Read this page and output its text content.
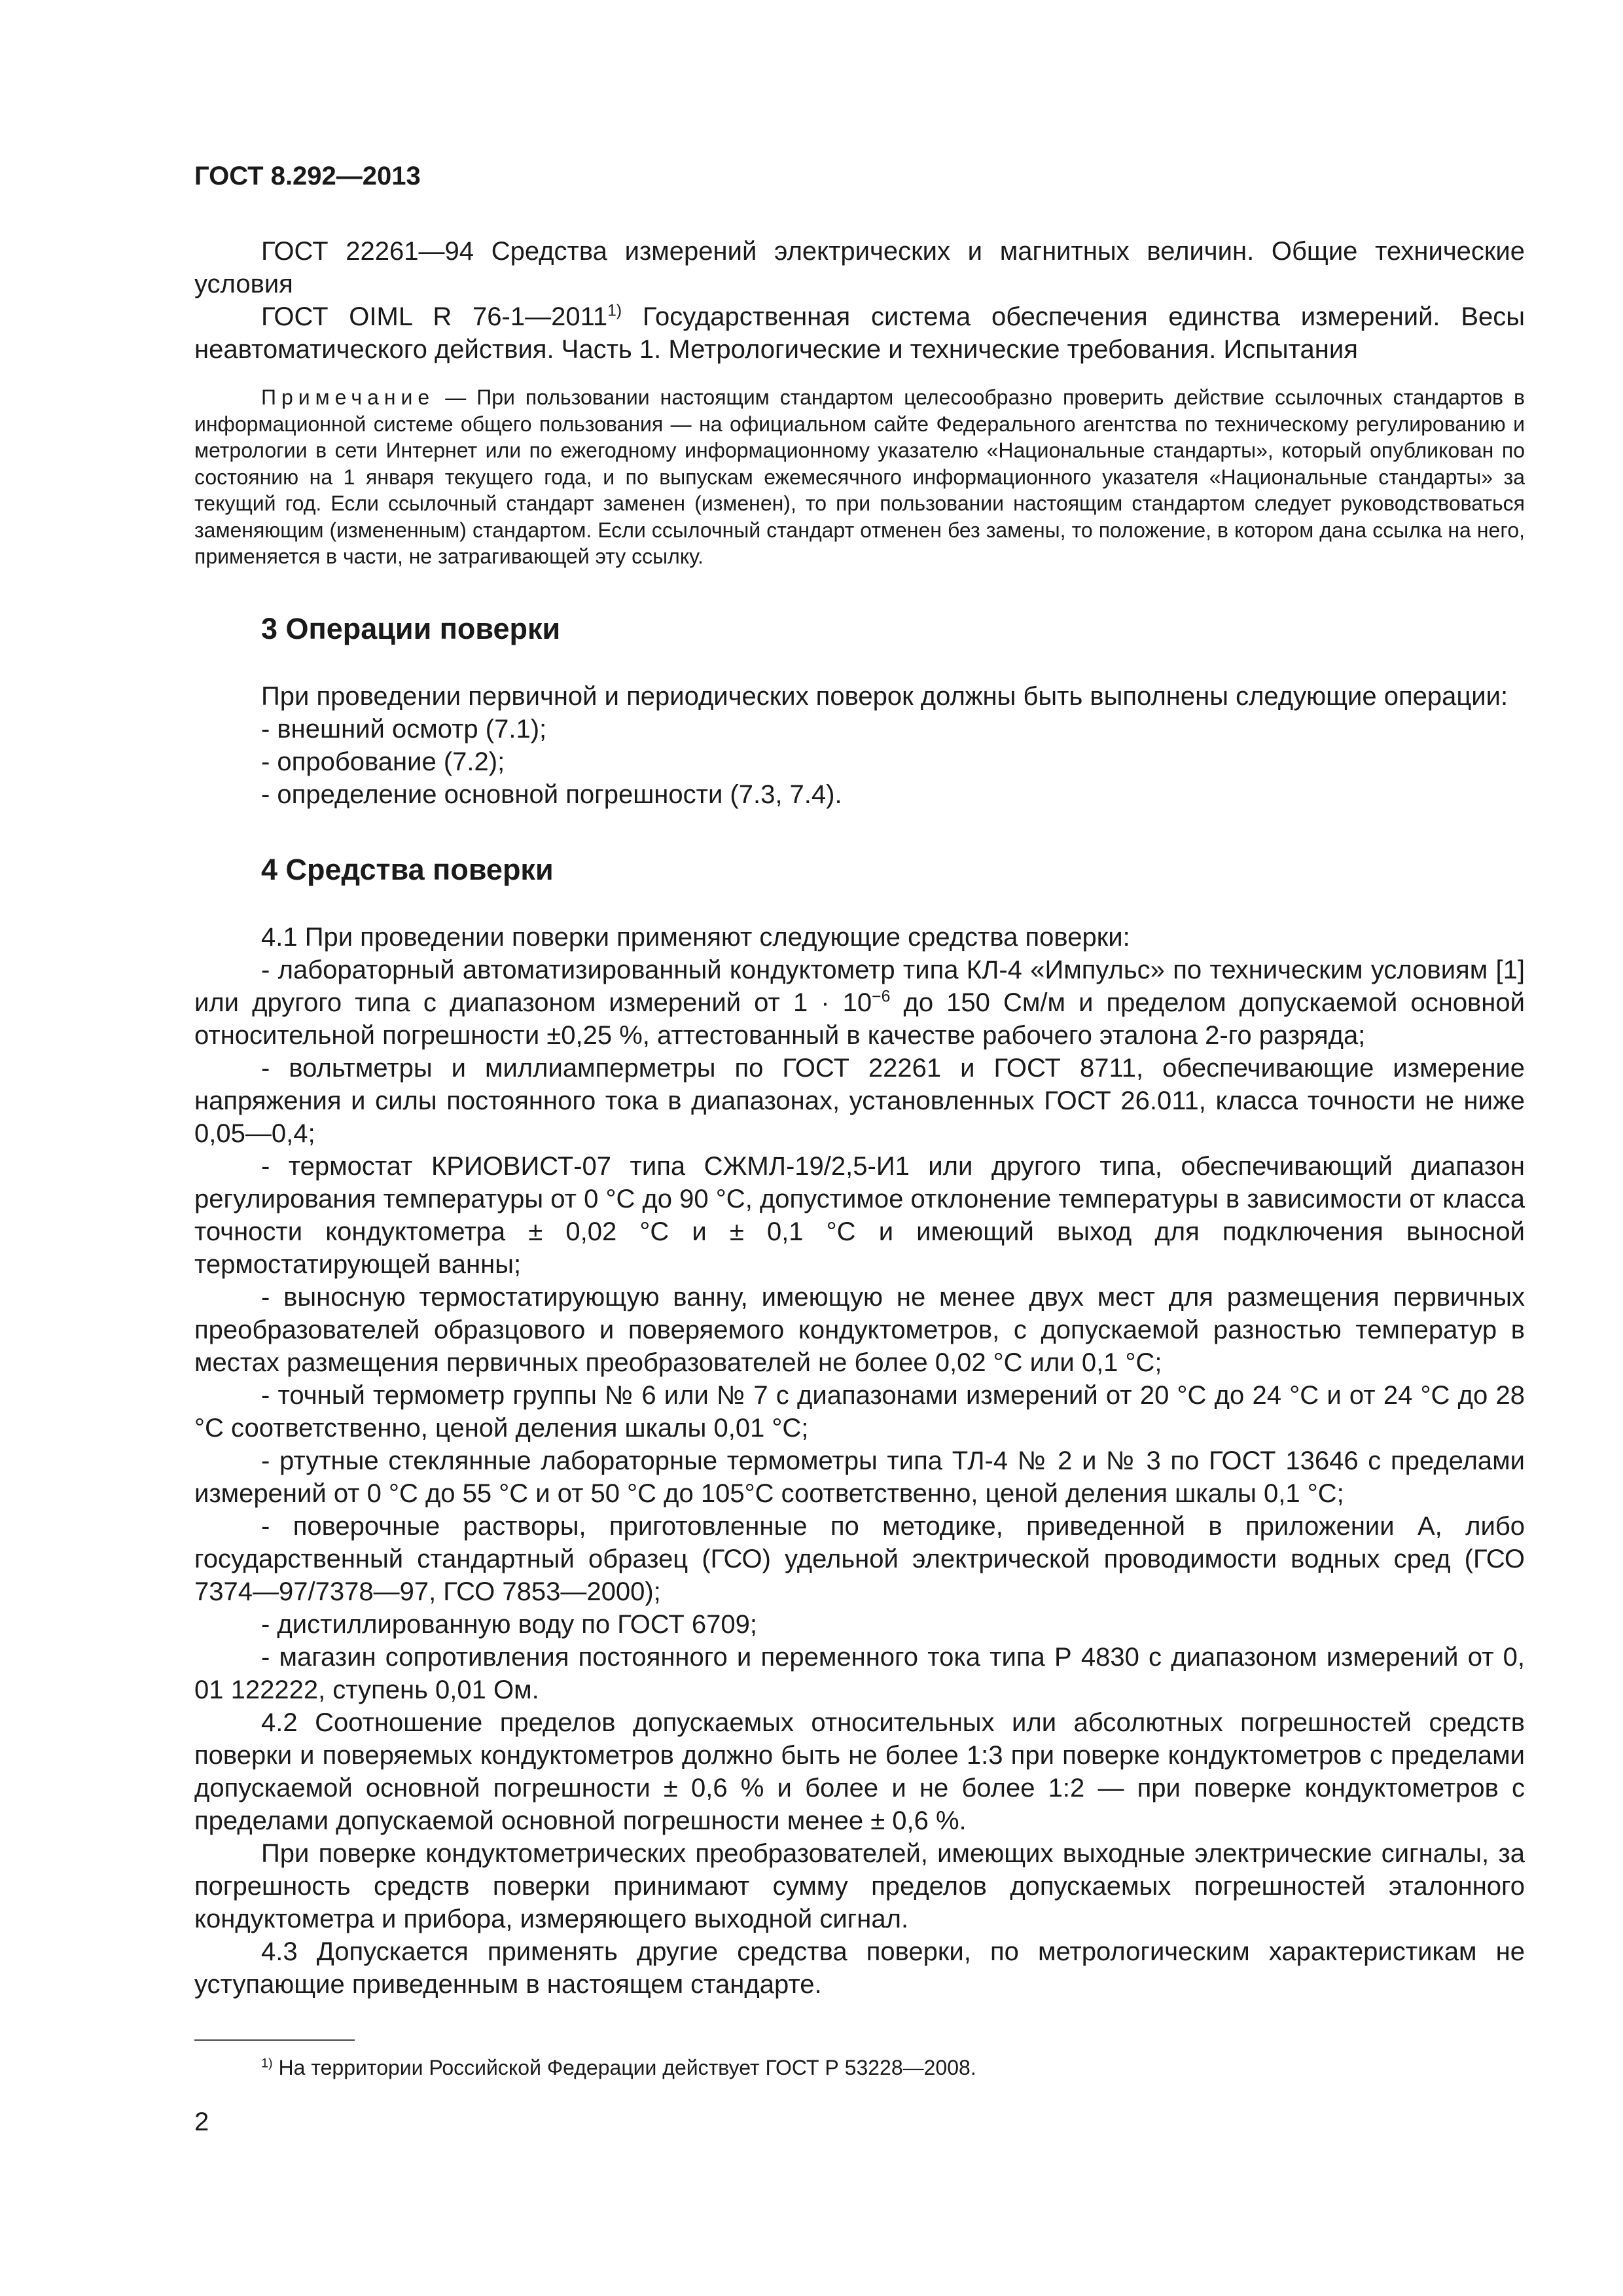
ГОСТ 8.292—2013

ГОСТ 22261—94 Средства измерений электрических и магнитных величин. Общие технические условия

ГОСТ OIML R 76-1—2011$^{1)}$ Государственная система обеспечения единства измерений. Весы неавтоматического действия. Часть 1. Метрологические и технические требования. Испытания

Примечание — При пользовании настоящим стандартом целесообразно проверить действие ссылочных стандартов в информационной системе общего пользования — на официальном сайте Федерального агентства по техническому регулированию и метрологии в сети Интернет или по ежегодному информационному указателю «Национальные стандарты», который опубликован по состоянию на 1 января текущего года, и по выпускам ежемесячного информационного указателя «Национальные стандарты» за текущий год. Если ссылочный стандарт заменен (изменен), то при пользовании настоящим стандартом следует руководствоваться заменяющим (измененным) стандартом. Если ссылочный стандарт отменен без замены, то положение, в котором дана ссылка на него, применяется в части, не затрагивающей эту ссылку.

3 Операции поверки

При проведении первичной и периодических поверок должны быть выполнены следующие операции:

- внешний осмотр (7.1);

- опробование (7.2);

- определение основной погрешности (7.3, 7.4).

4 Средства поверки

4.1 При проведении поверки применяют следующие средства поверки:

- лабораторный автоматизированный кондуктометр типа КЛ-4 «Импульс» по техническим условиям [1] или другого типа с диапазоном измерений от $1 \cdot 10^{-6}$ до 150 См/м и пределом допускаемой основной относительной погрешности ±0,25 %, аттестованный в качестве рабочего эталона 2-го разряда;

- вольтметры и миллиамперметры по ГОСТ 22261 и ГОСТ 8711, обеспечивающие измерение напряжения и силы постоянного тока в диапазонах, установленных ГОСТ 26.011, класса точности не ниже 0,05—0,4;

- термостат КРИОВИСТ-07 типа СЖМЛ-19/2,5-И1 или другого типа, обеспечивающий диапазон регулирования температуры от 0 °С до 90 °С, допустимое отклонение температуры в зависимости от класса точности кондуктометра ± 0,02 °С и ± 0,1 °С и имеющий выход для подключения выносной термостатирующей ванны;

- выносную термостатирующую ванну, имеющую не менее двух мест для размещения первичных преобразователей образцового и поверяемого кондуктометров, с допускаемой разностью температур в местах размещения первичных преобразователей не более 0,02 °С или 0,1 °С;

- точный термометр группы № 6 или № 7 с диапазонами измерений от 20 °С до 24 °С и от 24 °С до 28 °С соответственно, ценой деления шкалы 0,01 °С;

- ртутные стеклянные лабораторные термометры типа ТЛ-4 № 2 и № 3 по ГОСТ 13646 с пределами измерений от 0 °С до 55 °С и от 50 °С до 105°С соответственно, ценой деления шкалы 0,1 °С;

- поверочные растворы, приготовленные по методике, приведенной в приложении А, либо государственный стандартный образец (ГСО) удельной электрической проводимости водных сред (ГСО 7374—97/7378—97, ГСО 7853—2000);

- дистиллированную воду по ГОСТ 6709;

- магазин сопротивления постоянного и переменного тока типа Р 4830 с диапазоном измерений от 0, 01 122222, ступень 0,01 Ом.

4.2 Соотношение пределов допускаемых относительных или абсолютных погрешностей средств поверки и поверяемых кондуктометров должно быть не более 1:3 при поверке кондуктометров с пределами допускаемой основной погрешности ± 0,6 % и более и не более 1:2 — при поверке кондуктометров с пределами допускаемой основной погрешности менее ± 0,6 %.

При поверке кондуктометрических преобразователей, имеющих выходные электрические сигналы, за погрешность средств поверки принимают сумму пределов допускаемых погрешностей эталонного кондуктометра и прибора, измеряющего выходной сигнал.

4.3 Допускается применять другие средства поверки, по метрологическим характеристикам не уступающие приведенным в настоящем стандарте.

$^{1)}$ На территории Российской Федерации действует ГОСТ Р 53228—2008.
2
